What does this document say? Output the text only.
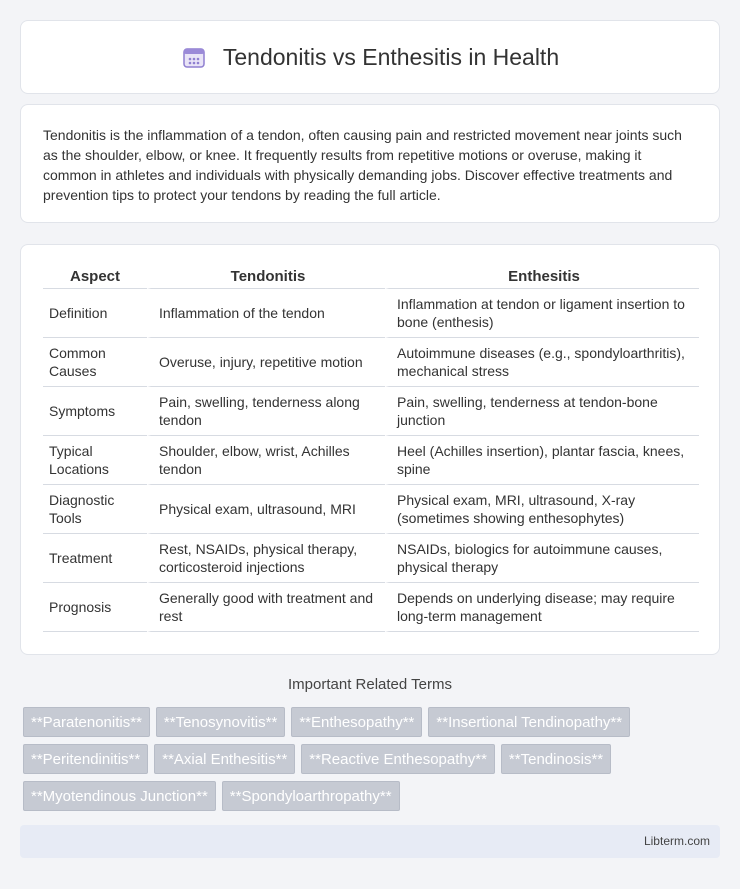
Tendonitis vs Enthesitis in Health

Tendonitis is the inflammation of a tendon, often causing pain and restricted movement near joints such as the shoulder, elbow, or knee. It frequently results from repetitive motions or overuse, making it common in athletes and individuals with physically demanding jobs. Discover effective treatments and prevention tips to protect your tendons by reading the full article.

Aspect	Tendonitis	Enthesitis
Definition	Inflammation of the tendon	Inflammation at tendon or ligament insertion to bone (enthesis)
Common Causes	Overuse, injury, repetitive motion	Autoimmune diseases (e.g., spondyloarthritis), mechanical stress
Symptoms	Pain, swelling, tenderness along tendon	Pain, swelling, tenderness at tendon-bone junction
Typical Locations	Shoulder, elbow, wrist, Achilles tendon	Heel (Achilles insertion), plantar fascia, knees, spine
Diagnostic Tools	Physical exam, ultrasound, MRI	Physical exam, MRI, ultrasound, X-ray (sometimes showing enthesophytes)
Treatment	Rest, NSAIDs, physical therapy, corticosteroid injections	NSAIDs, biologics for autoimmune causes, physical therapy
Prognosis	Generally good with treatment and rest	Depends on underlying disease; may require long-term management
Important Related Terms
**Paratenonitis**	**Tenosynovitis**	**Enthesopathy**	**Insertional Tendinopathy**
**Peritendinitis**	**Axial Enthesitis**	**Reactive Enthesopathy**	**Tendinosis**
**Myotendinous Junction**	**Spondyloarthropathy**
Libterm.com
